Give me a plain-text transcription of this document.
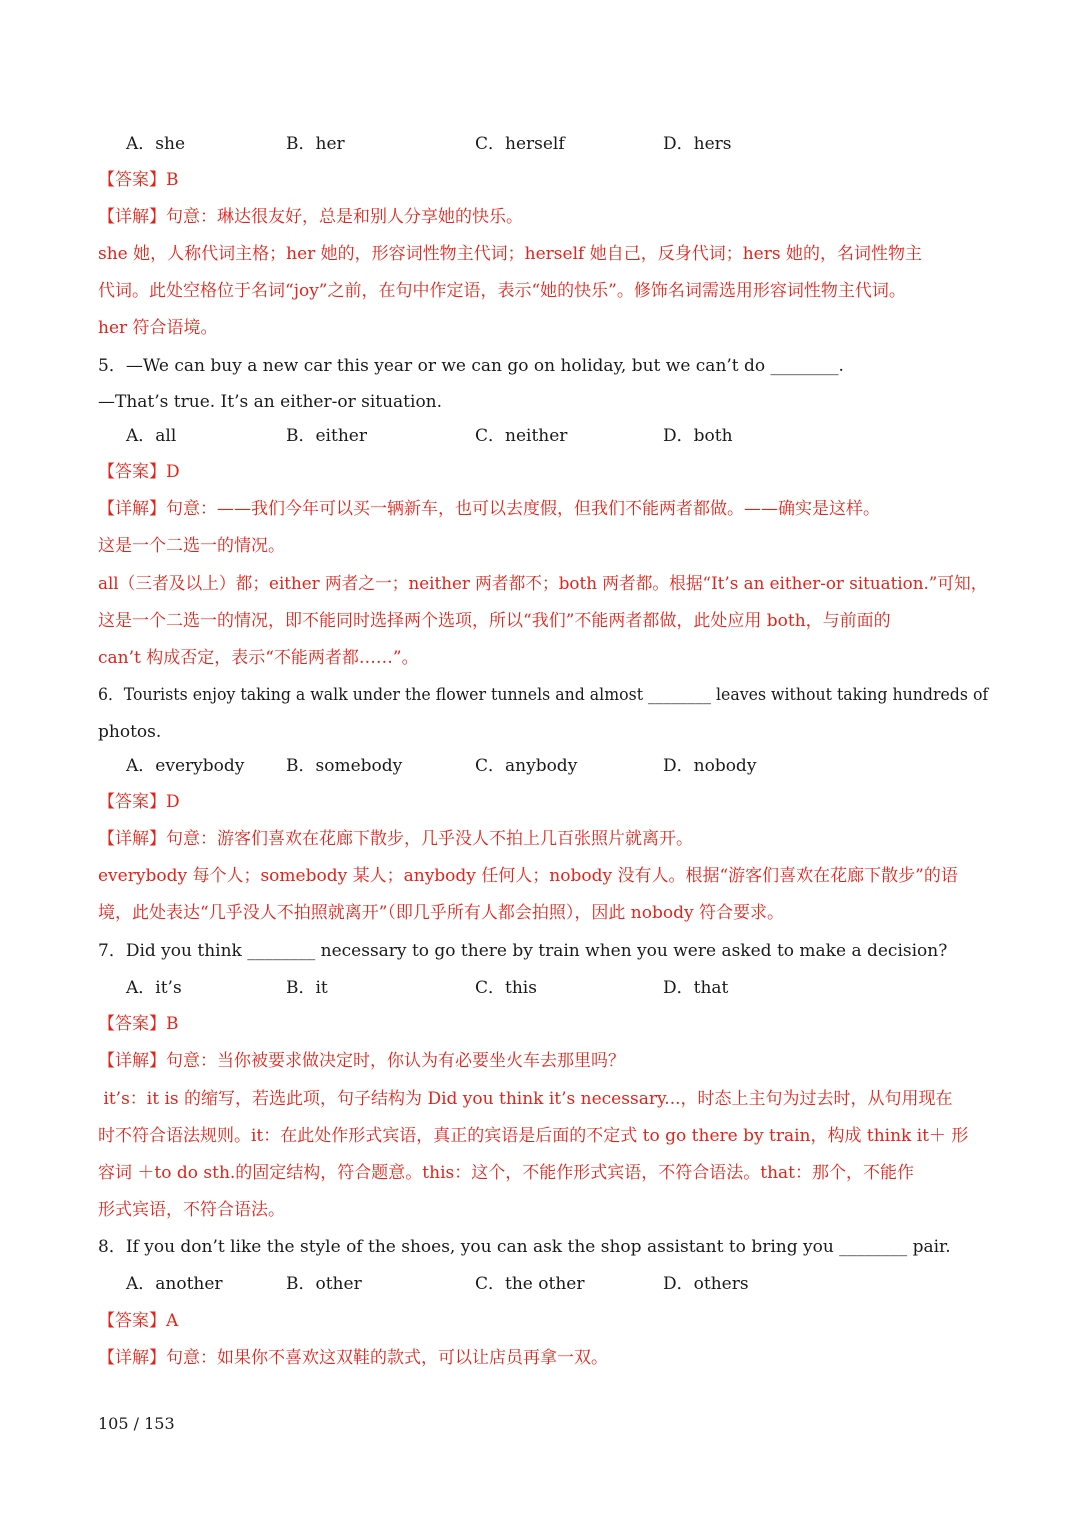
A．she	B．her	C．herself	D．hers
【答案】B
【详解】句意：琳达很友好，总是和别人分享她的快乐。
she 她，人称代词主格；her 她的，形容词性物主代词；herself 她自己，反身代词；hers 她的，名词性物主
代词。此处空格位于名词“joy”之前，在句中作定语，表示“她的快乐”。修饰名词需选用形容词性物主代词。
her 符合语境。
5．—We can buy a new car this year or we can go on holiday, but we can’t do ________.
—That’s true. It’s an either-or situation.
A．all	B．either	C．neither	D．both
【答案】D
【详解】句意：——我们今年可以买一辆新车，也可以去度假，但我们不能两者都做。——确实是这样。
这是一个二选一的情况。
all（三者及以上）都；either 两者之一；neither 两者都不；both 两者都。根据“It’s an either-or situation.”可知，
这是一个二选一的情况，即不能同时选择两个选项，所以“我们”不能两者都做，此处应用 both，与前面的
can’t 构成否定，表示“不能两者都……”。
6．Tourists enjoy taking a walk under the flower tunnels and almost ________ leaves without taking hundreds of
photos.
A．everybody B．somebody	C．anybody	D．nobody
【答案】D
【详解】句意：游客们喜欢在花廊下散步，几乎没人不拍上几百张照片就离开。
everybody 每个人；somebody 某人；anybody 任何人；nobody 没有人。根据“游客们喜欢在花廊下散步”的语
境，此处表达“几乎没人不拍照就离开”（即几乎所有人都会拍照），因此 nobody 符合要求。
7．Did you think ________ necessary to go there by train when you were asked to make a decision?
A．it’s	B．it	C．this	D．that
【答案】B
【详解】句意：当你被要求做决定时，你认为有必要坐火车去那里吗？
it’s：it is 的缩写，若选此项，句子结构为 Did you think it’s necessary...，时态上主句为过去时，从句用现在
时不符合语法规则。it：在此处作形式宾语，真正的宾语是后面的不定式 to go there by train，构成 think it＋ 形
容词 ＋to do sth.的固定结构，符合题意。this：这个，不能作形式宾语，不符合语法。that：那个，不能作
形式宾语，不符合语法。
8．If you don’t like the style of the shoes, you can ask the shop assistant to bring you ________ pair.
A．another	B．other	C．the other	D．others
【答案】A
【详解】句意：如果你不喜欢这双鞋的款式，可以让店员再拿一双。
105 / 153
